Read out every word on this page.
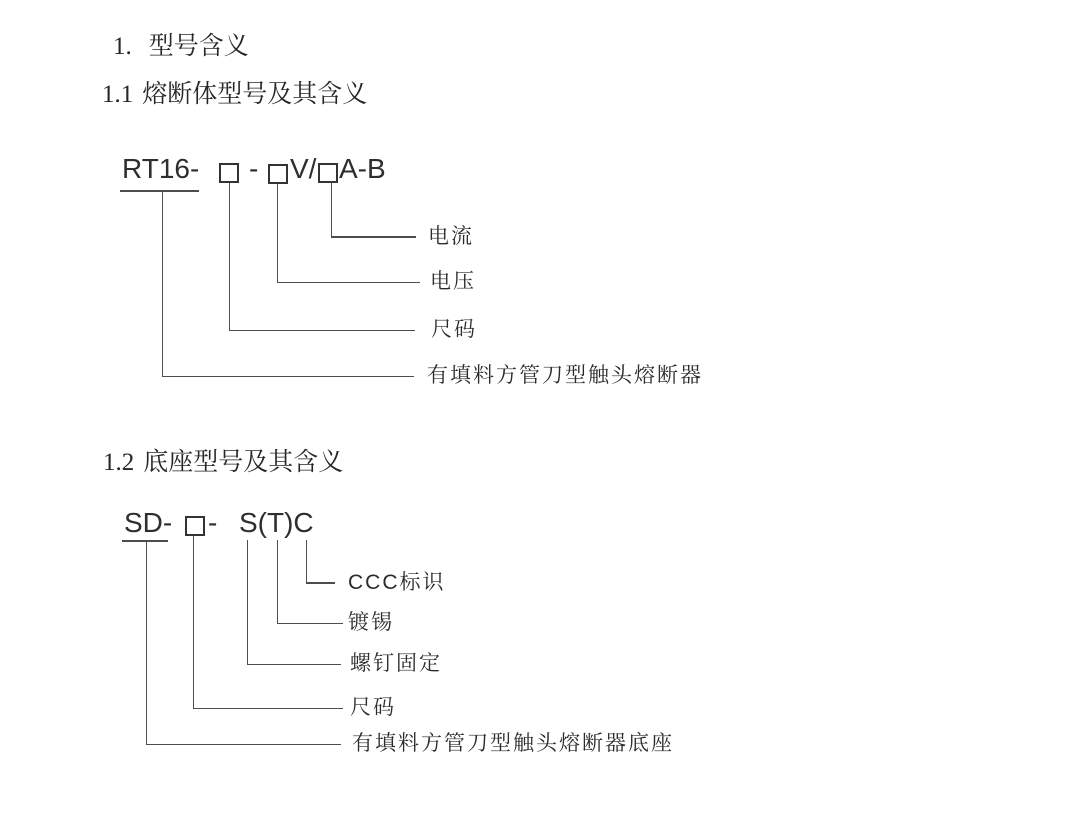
1. 型号含义
1.1 熔断体型号及其含义
RT16- - V/ A-B
电流
电压
尺码
有填料方管刀型触头熔断器
1.2 底座型号及其含义
SD- - S(T)C
CCC标识
镀锡
螺钉固定
尺码
有填料方管刀型触头熔断器底座
